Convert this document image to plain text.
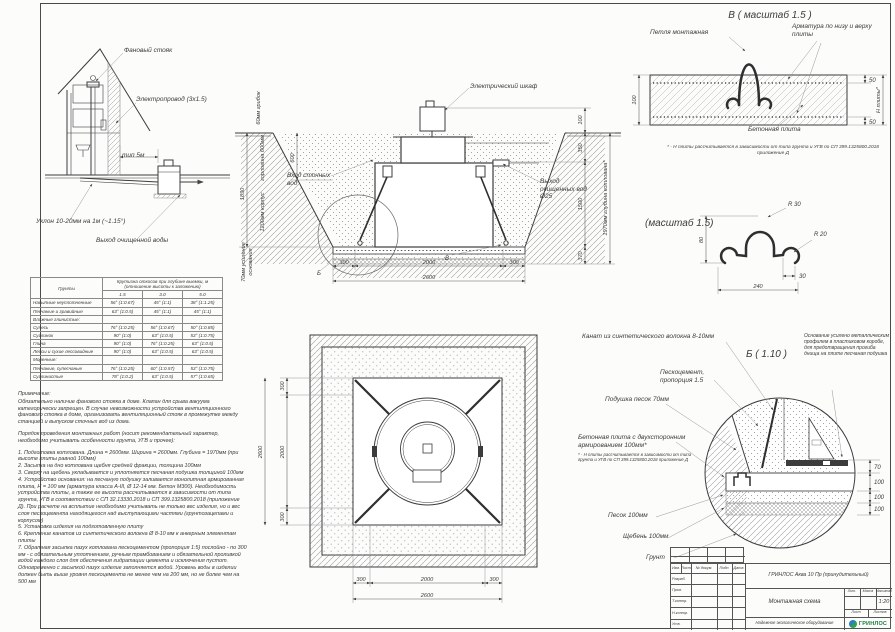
Фановый стояк
Электропровод (3х1.5)
тип 5м
Уклон 10-20мм на 1м (~1.15°)
Выход очищенной воды
Б
В
1830
600
60мм грибок
горловина 600мм
1200мм корпус
70мм усиление основания
100
350
1500
370
1970мм глубина котлована*
300	2000	300
2600
Электрический шкаф
Вход сточных вод	Выход очищенных вод Ø25
Грунты	Крутизна откосов при глубине выемки, м (отношение высоты к заложению)		
	1.5	3.0	5.0
Насыпные неуплотненные	56° (1:0.67)	45° (1:1)	38° (1:1.25)
Песчаные и гравийные	63° (1:0.5)	45° (1:1)	45° (1:1)
Влажные глинистые:			
Супесь	76° (1:0.25)	56° (1:0.67)	50° (1:0.85)
Суглинок	90° (1:0)	63° (1:0.5)	53° (1:0.75)
Глина	90° (1:0)	76° (1:0.25)	63° (1:0.5)
Лессы и сухие лессовидные	90° (1:0)	63° (1:0.5)	63° (1:0.5)
Моренные:			
Песчаные, супесчаные	76° (1:0.25)	60° (1:0.57)	53° (1:0.75)
Суглинистые	78° (1:0.2)	63° (1:0.5)	57° (1:0.65)

Примечание:

Обязательно наличие фанового стояка в доме. Клапан для срыва вакуума категорически запрещен. В случае невозможности устройства вентиляционного фанового стояка в доме, организовать вентиляционный стояк в промежутке между станцией и выпуском сточных вод из дома.

Порядок проведения монтажных работ (носит рекомендательный характер, необходимо учитывать особенности грунта, УГВ и прочее):

1. Подготовка котлована. Длина = 2600мм. Ширина = 2600мм. Глубина = 1970мм (при высоте плиты равной 100мм)
2. Засыпка на дно котлована щебня средней фракции, толщина 100мм
3. Сверху на щебень укладывается и уплотняется песчаная подушка толщиной 100мм
4. Устройство основания: на песчаную подушку заливается монолитная армированная плита, Н = 100 мм (арматура класса А-III, Ø 12-14 мм. Бетон М300). Необходимость устройства плиты, а также ее высота рассчитывается в зависимости от типа грунта, УГВ в соответствии с СП 32.13330.2018 и СП 399.1325800.2018 (приложение Д). При расчете на всплытие необходимо учитывать не только вес изделия, но и вес слоя пескоцемента находящегося над выступающими частями (грунтозацепами и корпусом)
5. Установка изделия на подготовленную плиту
6. Крепление канатов из синтетического волокна Ø 8-10 мм к анкерным элементам плиты
7. Обратная засыпка пазух котлована пескоцементом (пропорция 1:5) послойно - по 300 мм - с обязательным уплотнением, ручным трамбованием и обязательной проливкой водой каждого слоя для обеспечения гидратации цемента и исключения пустот. Одновременно с засыпкой пазух изделие заполняется водой. Уровень воды в изделии должен быть выше уровня пескоцемента не менее чем на 200 мм, но не более чем на 500 мм
2600
300
2000
300
300	2000	300
2600
100
50
50
Н плиты*
В ( масштаб 1.5 )
Петля монтажная
Арматура по низу и верху плиты
Бетонная плита
* - Н плиты рассчитывается в зависимости от типа грунта и УГВ по СП 399.1325800.2018 приложение Д
80
R 30
R 20
30
240
(масштаб 1.5)
70
100
100
100
Б ( 1.10 )
Канат из синтетического волокна 8-10мм
Пескоцемент, пропорция 1.5
Подушка песок 70мм
Бетонная плита с двухсторонним армированием 100мм*
* - Н плиты рассчитывается в зависимости от типа грунта и УГВ по СП 399.1325800.2018 приложение Д
Песок 100мм
Щебень 100мм
Грунт
Основание усилено металлическим профилем в пластиковом коробе, для предотвращения прогиба днища на плите песчаная подушка
Изм. Лист	№ докум.	Подп.	Дата
Разраб.
Пров.
Т.контр.
Н.контр.
Утв.
ГРИНЛОС Аква 10 Пр (принудительный)
Монтажная схема
Лит.	Масса Масштаб
1:20
Лист	Листов
Надежное экологическое оборудование	ГРИНЛОС
